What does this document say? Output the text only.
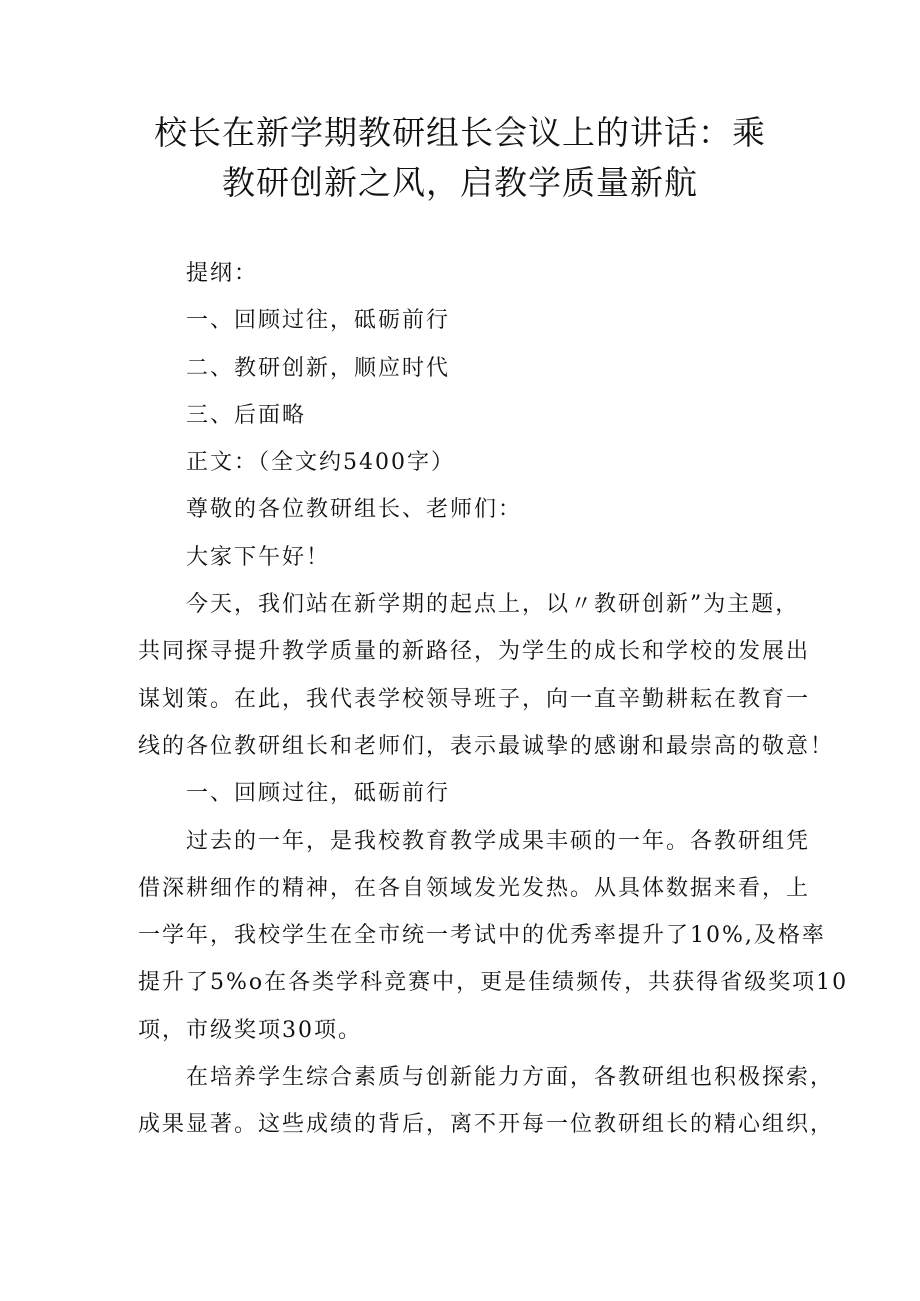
校长在新学期教研组长会议上的讲话：乘
教研创新之风，启教学质量新航
提纲：
一、回顾过往，砥砺前行
二、教研创新，顺应时代
三、后面略
正文：（全文约5400字）
尊敬的各位教研组长、老师们：
大家下午好！
今天，我们站在新学期的起点上，以〃教研创新”为主题，
共同探寻提升教学质量的新路径，为学生的成长和学校的发展出
谋划策。在此，我代表学校领导班子，向一直辛勤耕耘在教育一
线的各位教研组长和老师们，表示最诚挚的感谢和最崇高的敬意！
一、回顾过往，砥砺前行
过去的一年，是我校教育教学成果丰硕的一年。各教研组凭
借深耕细作的精神，在各自领域发光发热。从具体数据来看，上
一学年，我校学生在全市统一考试中的优秀率提升了10%,及格率
提升了5%o在各类学科竞赛中，更是佳绩频传，共获得省级奖项10
项，市级奖项30项。
在培养学生综合素质与创新能力方面，各教研组也积极探索，
成果显著。这些成绩的背后，离不开每一位教研组长的精心组织，
